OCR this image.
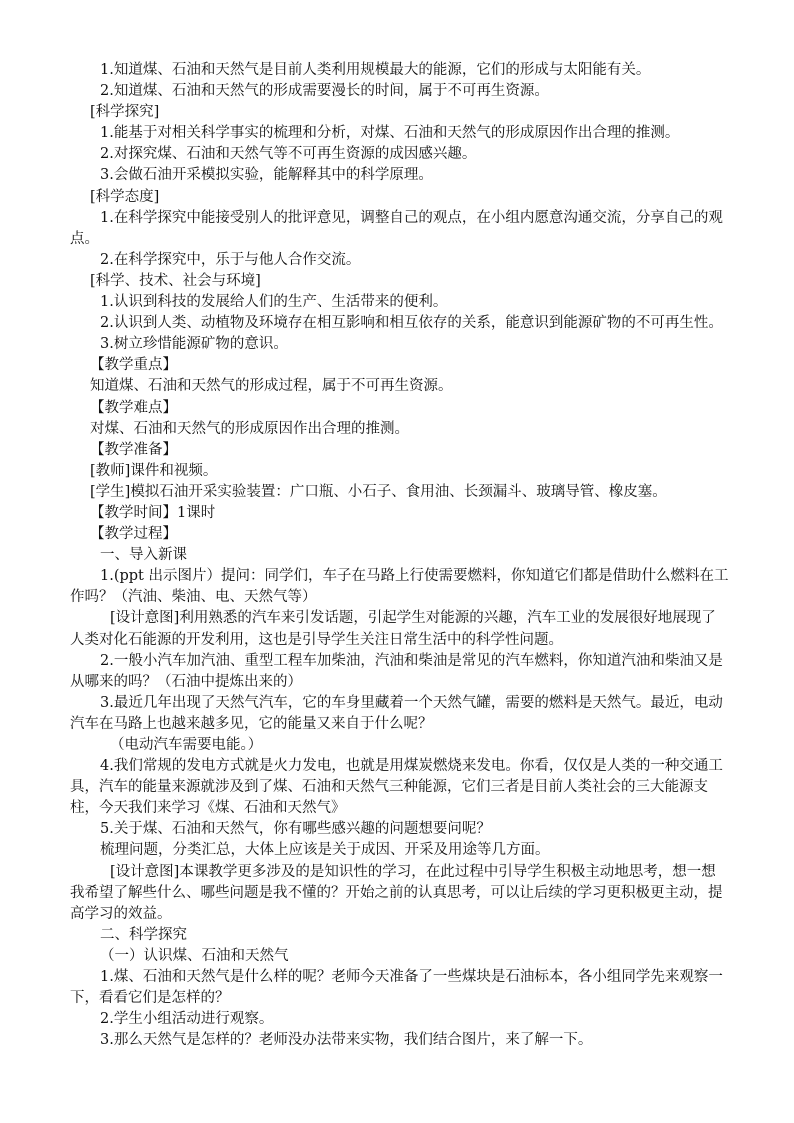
1.知道煤、石油和天然气是目前人类利用规模最大的能源，它们的形成与太阳能有关。

2.知道煤、石油和天然气的形成需要漫长的时间，属于不可再生资源。

[科学探究]

1.能基于对相关科学事实的梳理和分析，对煤、石油和天然气的形成原因作出合理的推测。

2.对探究煤、石油和天然气等不可再生资源的成因感兴趣。

3.会做石油开采模拟实验，能解释其中的科学原理。

[科学态度]

1.在科学探究中能接受别人的批评意见，调整自己的观点，在小组内愿意沟通交流，分享自己的观点。

2.在科学探究中，乐于与他人合作交流。

[科学、技术、社会与环境]

1.认识到科技的发展给人们的生产、生活带来的便利。

2.认识到人类、动植物及环境存在相互影响和相互依存的关系，能意识到能源矿物的不可再生性。

3.树立珍惜能源矿物的意识。

【教学重点】

知道煤、石油和天然气的形成过程，属于不可再生资源。

【教学难点】

对煤、石油和天然气的形成原因作出合理的推测。

【教学准备】

[教师]课件和视频。

[学生]模拟石油开采实验装置：广口瓶、小石子、食用油、长颈漏斗、玻璃导管、橡皮塞。

【教学时间】1课时

【教学过程】

一、导入新课

1.(ppt 出示图片）提问：同学们，车子在马路上行使需要燃料，你知道它们都是借助什么燃料在工作吗？（汽油、柴油、电、天然气等）

[设计意图]利用熟悉的汽车来引发话题，引起学生对能源的兴趣，汽车工业的发展很好地展现了人类对化石能源的开发利用，这也是引导学生关注日常生活中的科学性问题。

2.一般小汽车加汽油、重型工程车加柴油，汽油和柴油是常见的汽车燃料，你知道汽油和柴油又是从哪来的吗？（石油中提炼出来的）

3.最近几年出现了天然气汽车，它的车身里藏着一个天然气罐，需要的燃料是天然气。最近，电动汽车在马路上也越来越多见，它的能量又来自于什么呢？

（电动汽车需要电能。）

4.我们常规的发电方式就是火力发电，也就是用煤炭燃烧来发电。你看，仅仅是人类的一种交通工具，汽车的能量来源就涉及到了煤、石油和天然气三种能源，它们三者是目前人类社会的三大能源支柱，今天我们来学习《煤、石油和天然气》

5.关于煤、石油和天然气，你有哪些感兴趣的问题想要问呢？

梳理问题，分类汇总，大体上应该是关于成因、开采及用途等几方面。

[设计意图]本课教学更多涉及的是知识性的学习，在此过程中引导学生积极主动地思考，想一想我希望了解些什么、哪些问题是我不懂的？开始之前的认真思考，可以让后续的学习更积极更主动，提高学习的效益。

二、科学探究

（一）认识煤、石油和天然气

1.煤、石油和天然气是什么样的呢？老师今天准备了一些煤块是石油标本，各小组同学先来观察一下，看看它们是怎样的？

2.学生小组活动进行观察。

3.那么天然气是怎样的？老师没办法带来实物，我们结合图片，来了解一下。
